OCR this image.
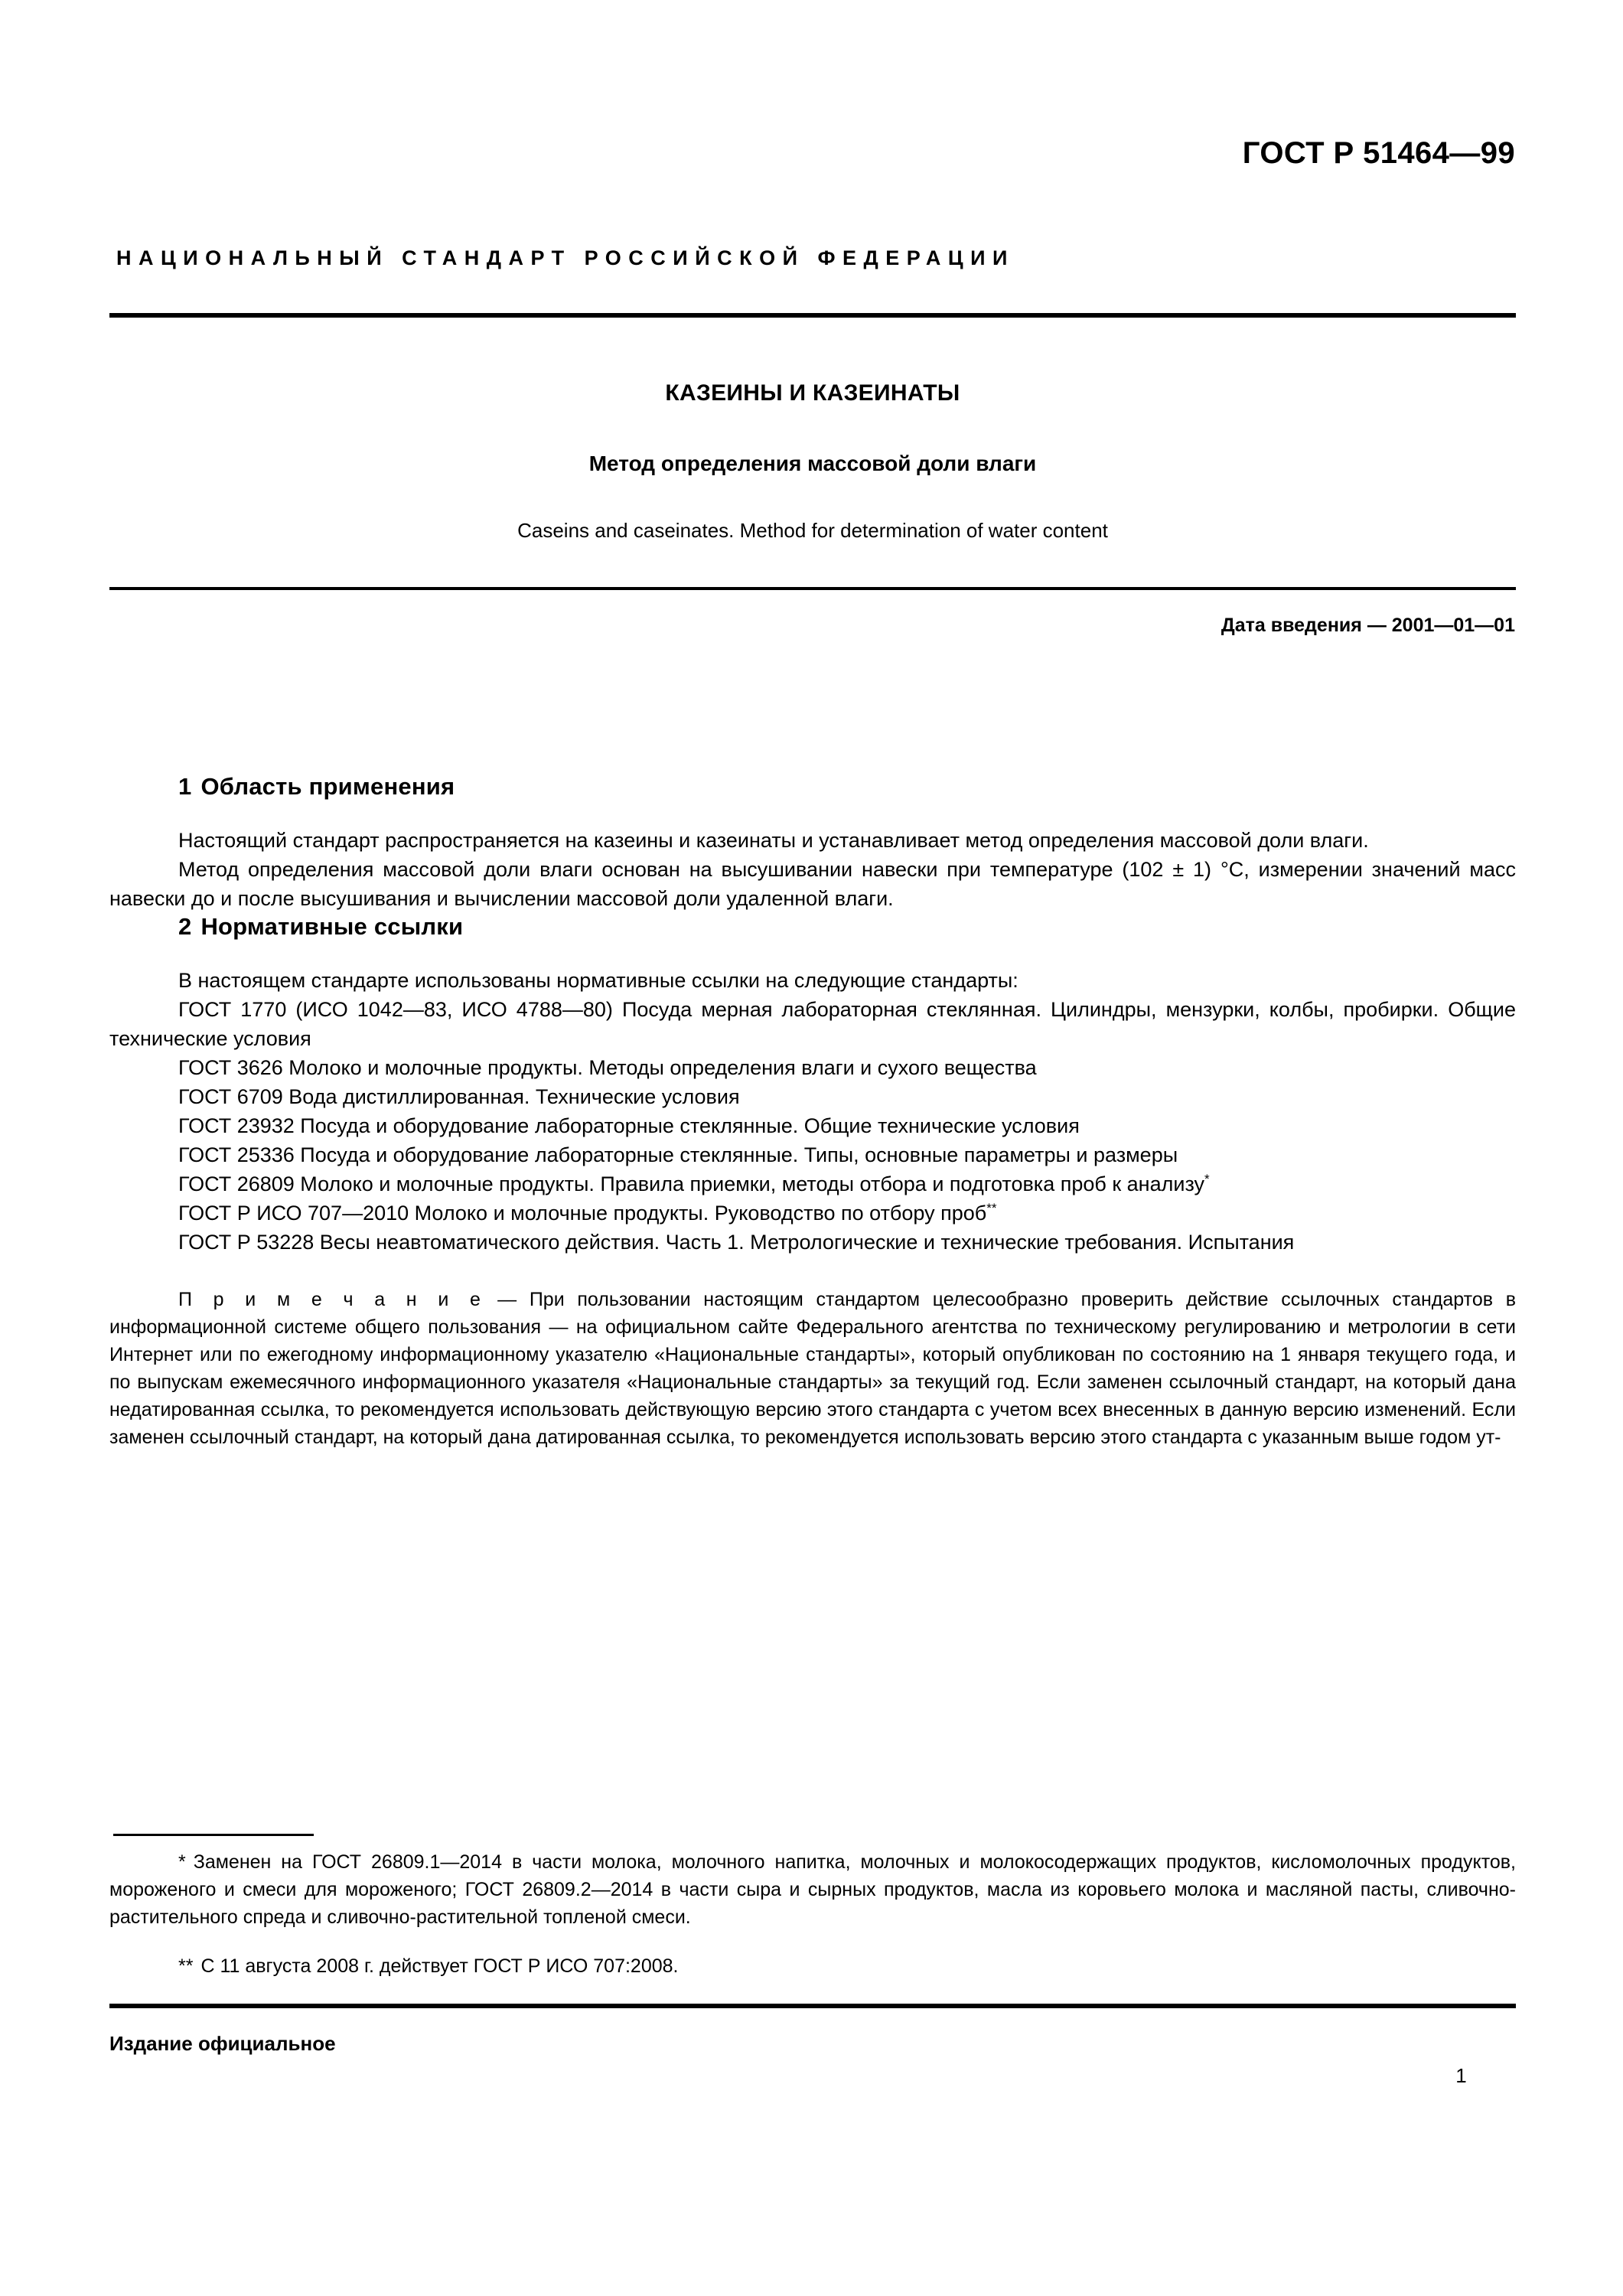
ГОСТ Р 51464—99
НАЦИОНАЛЬНЫЙ СТАНДАРТ РОССИЙСКОЙ ФЕДЕРАЦИИ
КАЗЕИНЫ И КАЗЕИНАТЫ
Метод определения массовой доли влаги
Caseins and caseinates. Method for determination of water content
Дата введения — 2001—01—01
1 Область применения

Настоящий стандарт распространяется на казеины и казеинаты и устанавливает метод определения массовой доли влаги.

Метод определения массовой доли влаги основан на высушивании навески при температуре (102 ± 1) °C, измерении значений масс навески до и после высушивания и вычислении массовой доли удаленной влаги.

2 Нормативные ссылки

В настоящем стандарте использованы нормативные ссылки на следующие стандарты:

ГОСТ 1770 (ИСО 1042—83, ИСО 4788—80) Посуда мерная лабораторная стеклянная. Цилиндры, мензурки, колбы, пробирки. Общие технические условия

ГОСТ 3626 Молоко и молочные продукты. Методы определения влаги и сухого вещества

ГОСТ 6709 Вода дистиллированная. Технические условия

ГОСТ 23932 Посуда и оборудование лабораторные стеклянные. Общие технические условия

ГОСТ 25336 Посуда и оборудование лабораторные стеклянные. Типы, основные параметры и размеры

ГОСТ 26809 Молоко и молочные продукты. Правила приемки, методы отбора и подготовка проб к анализу*

ГОСТ Р ИСО 707—2010 Молоко и молочные продукты. Руководство по отбору проб**

ГОСТ Р 53228 Весы неавтоматического действия. Часть 1. Метрологические и технические требования. Испытания

П р и м е ч а н и е — При пользовании настоящим стандартом целесообразно проверить действие ссылочных стандартов в информационной системе общего пользования — на официальном сайте Федерального агентства по техническому регулированию и метрологии в сети Интернет или по ежегодному информационному указателю «Национальные стандарты», который опубликован по состоянию на 1 января текущего года, и по выпускам ежемесячного информационного указателя «Национальные стандарты» за текущий год. Если заменен ссылочный стандарт, на который дана недатированная ссылка, то рекомендуется использовать действующую версию этого стандарта с учетом всех внесенных в данную версию изменений. Если заменен ссылочный стандарт, на который дана датированная ссылка, то рекомендуется использовать версию этого стандарта с указанным выше годом ут-

* Заменен на ГОСТ 26809.1—2014 в части молока, молочного напитка, молочных и молокосодержащих продуктов, кисломолочных продуктов, мороженого и смеси для мороженого; ГОСТ 26809.2—2014 в части сыра и сырных продуктов, масла из коровьего молока и масляной пасты, сливочно-растительного спреда и сливочно-растительной топленой смеси.

** С 11 августа 2008 г. действует ГОСТ Р ИСО 707:2008.

Издание официальное
1
